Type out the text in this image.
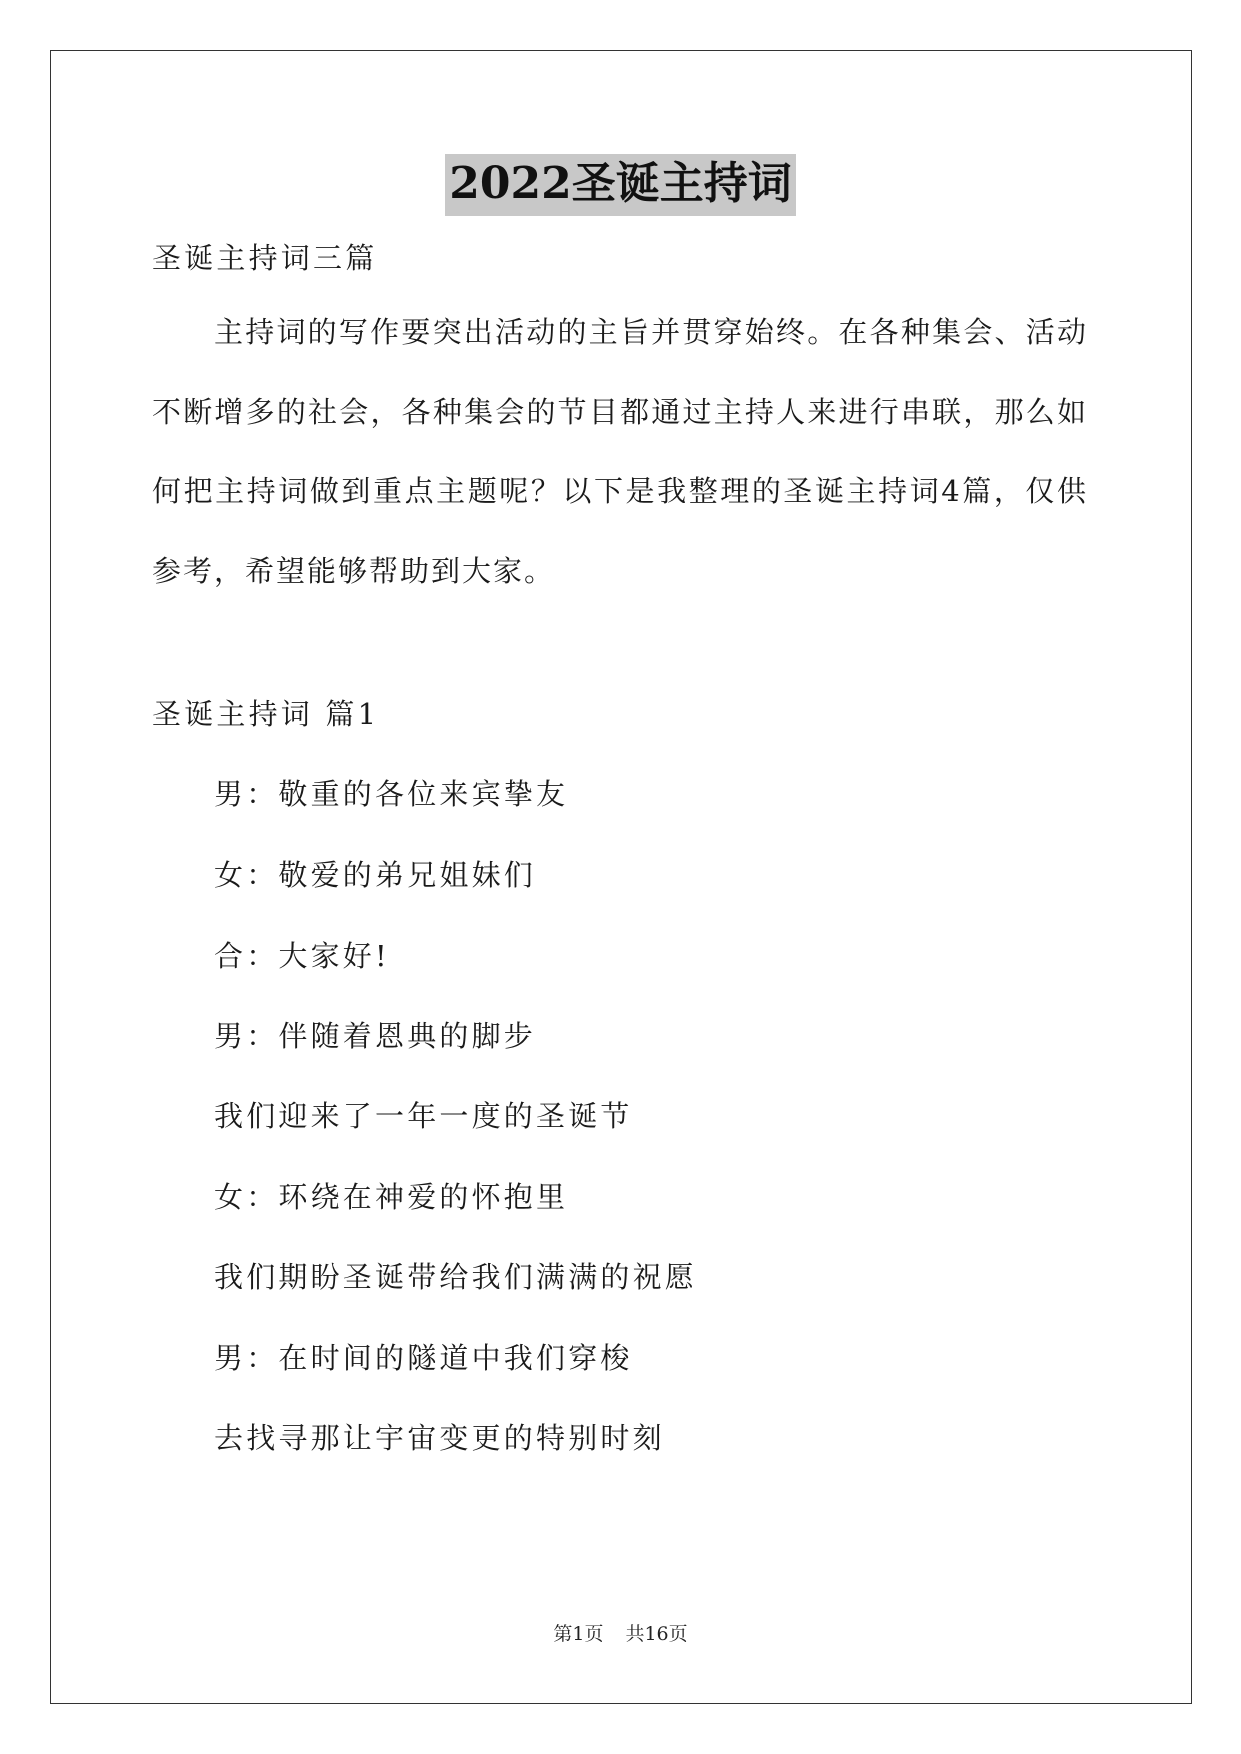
2022圣诞主持词
圣诞主持词三篇
主持词的写作要突出活动的主旨并贯穿始终。在各种集会、活动
不断增多的社会，各种集会的节目都通过主持人来进行串联，那么如
何把主持词做到重点主题呢？以下是我整理的圣诞主持词4篇，仅供
参考，希望能够帮助到大家。
圣诞主持词 篇1
男：敬重的各位来宾挚友
女：敬爱的弟兄姐妹们
合：大家好!
男：伴随着恩典的脚步
我们迎来了一年一度的圣诞节
女：环绕在神爱的怀抱里
我们期盼圣诞带给我们满满的祝愿
男：在时间的隧道中我们穿梭
去找寻那让宇宙变更的特别时刻
第1页 共16页
